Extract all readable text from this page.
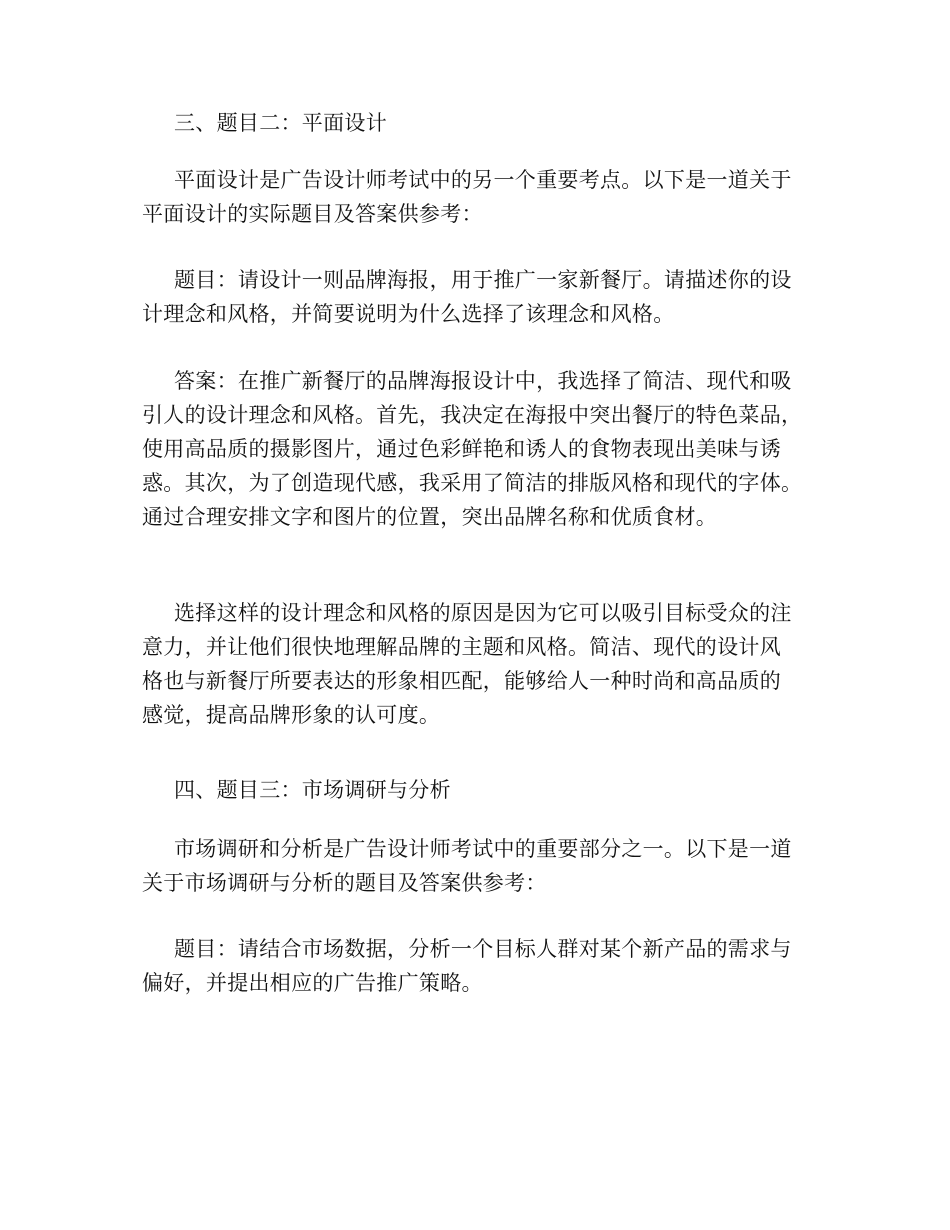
三、题目二：平面设计

平面设计是广告设计师考试中的另一个重要考点。以下是一道关于
平面设计的实际题目及答案供参考：

题目：请设计一则品牌海报，用于推广一家新餐厅。请描述你的设
计理念和风格，并简要说明为什么选择了该理念和风格。

答案：在推广新餐厅的品牌海报设计中，我选择了简洁、现代和吸
引人的设计理念和风格。首先，我决定在海报中突出餐厅的特色菜品，
使用高品质的摄影图片，通过色彩鲜艳和诱人的食物表现出美味与诱
惑。其次，为了创造现代感，我采用了简洁的排版风格和现代的字体。
通过合理安排文字和图片的位置，突出品牌名称和优质食材。

选择这样的设计理念和风格的原因是因为它可以吸引目标受众的注
意力，并让他们很快地理解品牌的主题和风格。简洁、现代的设计风
格也与新餐厅所要表达的形象相匹配，能够给人一种时尚和高品质的
感觉，提高品牌形象的认可度。

四、题目三：市场调研与分析

市场调研和分析是广告设计师考试中的重要部分之一。以下是一道
关于市场调研与分析的题目及答案供参考：

题目：请结合市场数据，分析一个目标人群对某个新产品的需求与
偏好，并提出相应的广告推广策略。
